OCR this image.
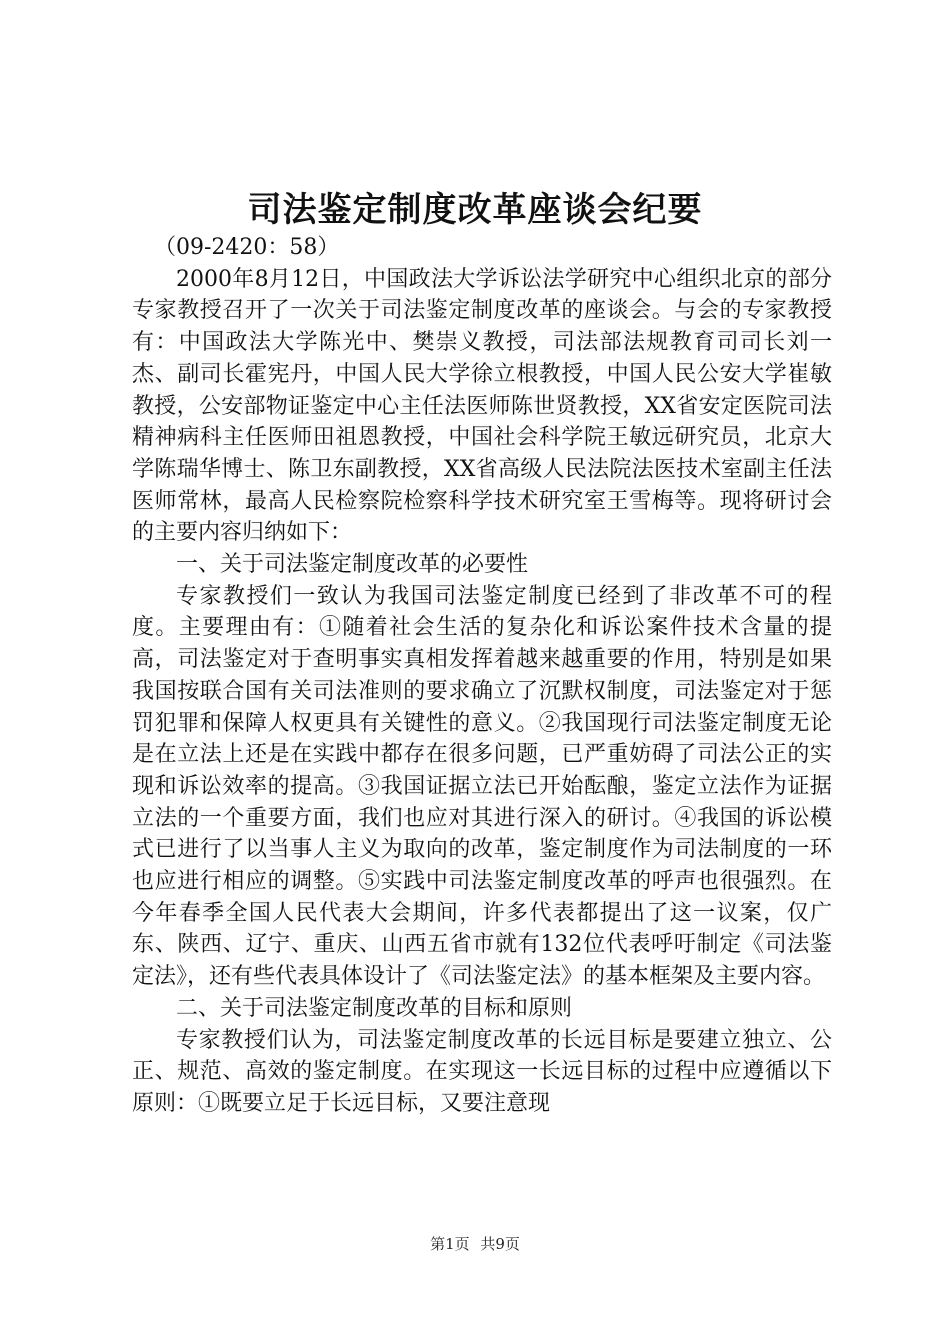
司法鉴定制度改革座谈会纪要

（09-2420：58）

2000年8月12日，中国政法大学诉讼法学研究中心组织北京的部分专家教授召开了一次关于司法鉴定制度改革的座谈会。与会的专家教授有：中国政法大学陈光中、樊崇义教授，司法部法规教育司司长刘一杰、副司长霍宪丹，中国人民大学徐立根教授，中国人民公安大学崔敏教授，公安部物证鉴定中心主任法医师陈世贤教授，XX省安定医院司法精神病科主任医师田祖恩教授，中国社会科学院王敏远研究员，北京大学陈瑞华博士、陈卫东副教授，XX省高级人民法院法医技术室副主任法医师常林，最高人民检察院检察科学技术研究室王雪梅等。现将研讨会的主要内容归纳如下：

一、关于司法鉴定制度改革的必要性

专家教授们一致认为我国司法鉴定制度已经到了非改革不可的程度。主要理由有：①随着社会生活的复杂化和诉讼案件技术含量的提高，司法鉴定对于查明事实真相发挥着越来越重要的作用，特别是如果我国按联合国有关司法准则的要求确立了沉默权制度，司法鉴定对于惩罚犯罪和保障人权更具有关键性的意义。②我国现行司法鉴定制度无论是在立法上还是在实践中都存在很多问题，已严重妨碍了司法公正的实现和诉讼效率的提高。③我国证据立法已开始酝酿，鉴定立法作为证据立法的一个重要方面，我们也应对其进行深入的研讨。④我国的诉讼模式已进行了以当事人主义为取向的改革，鉴定制度作为司法制度的一环也应进行相应的调整。⑤实践中司法鉴定制度改革的呼声也很强烈。在今年春季全国人民代表大会期间，许多代表都提出了这一议案，仅广东、陕西、辽宁、重庆、山西五省市就有132位代表呼吁制定《司法鉴定法》，还有些代表具体设计了《司法鉴定法》的基本框架及主要内容。

二、关于司法鉴定制度改革的目标和原则

专家教授们认为，司法鉴定制度改革的长远目标是要建立独立、公正、规范、高效的鉴定制度。在实现这一长远目标的过程中应遵循以下原则：①既要立足于长远目标，又要注意现

第1页 共9页
